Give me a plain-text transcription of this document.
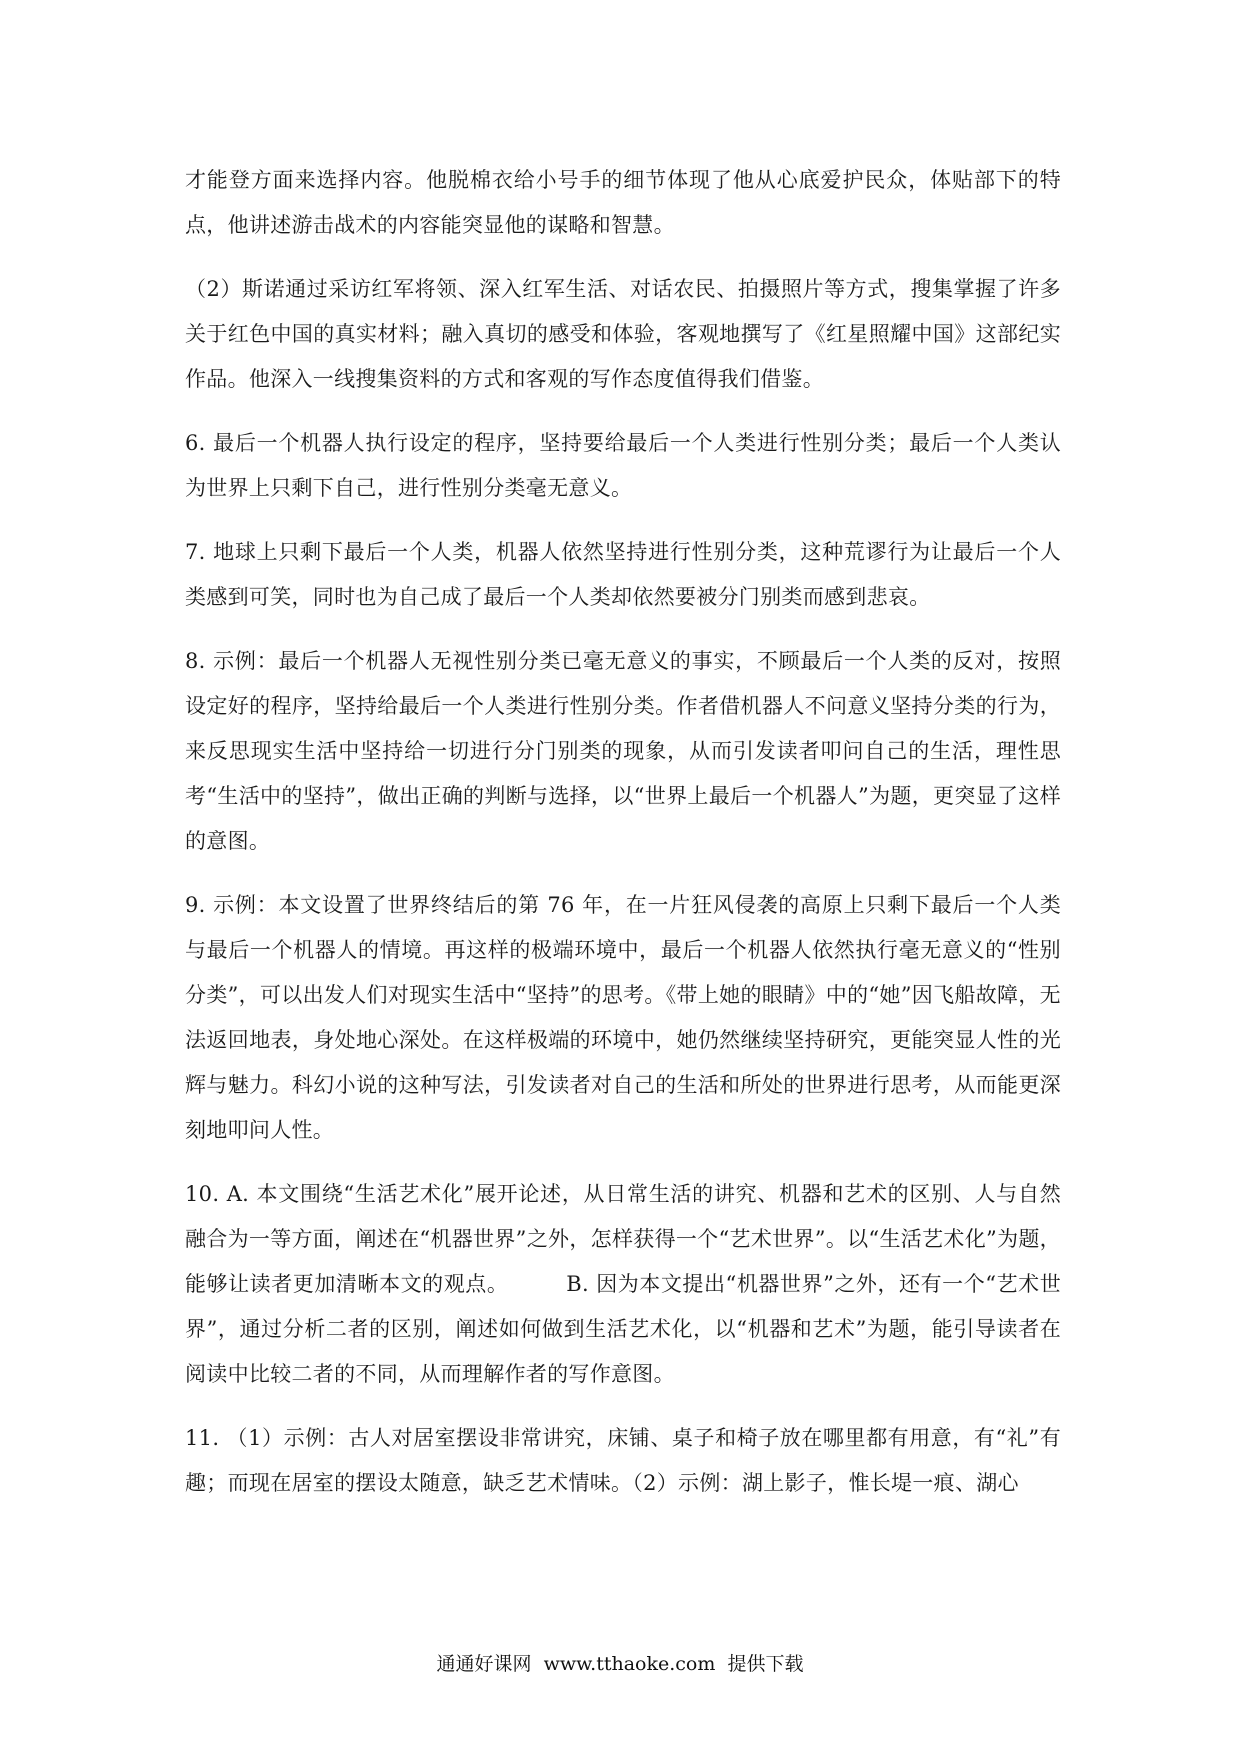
才能登方面来选择内容。他脱棉衣给小号手的细节体现了他从心底爱护民众，体贴部下的特点，他讲述游击战术的内容能突显他的谋略和智慧。

（2）斯诺通过采访红军将领、深入红军生活、对话农民、拍摄照片等方式，搜集掌握了许多关于红色中国的真实材料；融入真切的感受和体验，客观地撰写了《红星照耀中国》这部纪实作品。他深入一线搜集资料的方式和客观的写作态度值得我们借鉴。

6. 最后一个机器人执行设定的程序，坚持要给最后一个人类进行性别分类；最后一个人类认为世界上只剩下自己，进行性别分类毫无意义。

7. 地球上只剩下最后一个人类，机器人依然坚持进行性别分类，这种荒谬行为让最后一个人类感到可笑，同时也为自己成了最后一个人类却依然要被分门别类而感到悲哀。

8. 示例：最后一个机器人无视性别分类已毫无意义的事实，不顾最后一个人类的反对，按照设定好的程序，坚持给最后一个人类进行性别分类。作者借机器人不问意义坚持分类的行为，来反思现实生活中坚持给一切进行分门别类的现象，从而引发读者叩问自己的生活，理性思考“生活中的坚持”，做出正确的判断与选择，以“世界上最后一个机器人”为题，更突显了这样的意图。

9. 示例：本文设置了世界终结后的第 76 年，在一片狂风侵袭的高原上只剩下最后一个人类与最后一个机器人的情境。再这样的极端环境中，最后一个机器人依然执行毫无意义的“性别分类”，可以出发人们对现实生活中“坚持”的思考。《带上她的眼睛》中的“她”因飞船故障，无法返回地表，身处地心深处。在这样极端的环境中，她仍然继续坚持研究，更能突显人性的光辉与魅力。科幻小说的这种写法，引发读者对自己的生活和所处的世界进行思考，从而能更深刻地叩问人性。

10. A. 本文围绕“生活艺术化”展开论述，从日常生活的讲究、机器和艺术的区别、人与自然融合为一等方面，阐述在“机器世界”之外，怎样获得一个“艺术世界”。以“生活艺术化”为题，能够让读者更加清晰本文的观点。        B. 因为本文提出“机器世界”之外，还有一个“艺术世界”，通过分析二者的区别，阐述如何做到生活艺术化，以“机器和艺术”为题，能引导读者在阅读中比较二者的不同，从而理解作者的写作意图。

11. （1）示例：古人对居室摆设非常讲究，床铺、桌子和椅子放在哪里都有用意，有“礼”有趣；而现在居室的摆设太随意，缺乏艺术情味。（2）示例：湖上影子，惟长堤一痕、湖心

通通好课网  www.tthaoke.com  提供下载
